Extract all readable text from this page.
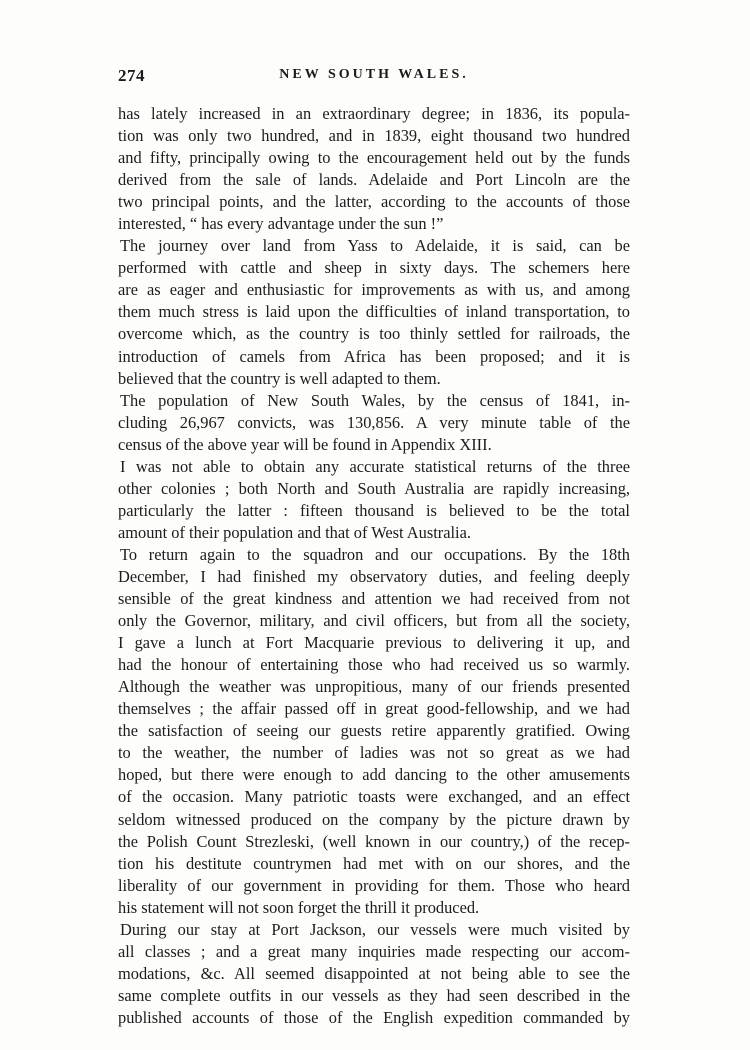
274	NEW SOUTH WALES.

has lately increased in an extraordinary degree; in 1836, its popula-

tion was only two hundred, and in 1839, eight thousand two hundred

and fifty, principally owing to the encouragement held out by the funds

derived from the sale of lands. Adelaide and Port Lincoln are the

two principal points, and the latter, according to the accounts of those

interested, “ has every advantage under the sun !”

The journey over land from Yass to Adelaide, it is said, can be

performed with cattle and sheep in sixty days. The schemers here

are as eager and enthusiastic for improvements as with us, and among

them much stress is laid upon the difficulties of inland transportation, to

overcome which, as the country is too thinly settled for railroads, the

introduction of camels from Africa has been proposed; and it is

believed that the country is well adapted to them.

The population of New South Wales, by the census of 1841, in-

cluding 26,967 convicts, was 130,856. A very minute table of the

census of the above year will be found in Appendix XIII.

I was not able to obtain any accurate statistical returns of the three

other colonies ; both North and South Australia are rapidly increasing,

particularly the latter : fifteen thousand is believed to be the total

amount of their population and that of West Australia.

To return again to the squadron and our occupations. By the 18th

December, I had finished my observatory duties, and feeling deeply

sensible of the great kindness and attention we had received from not

only the Governor, military, and civil officers, but from all the society,

I gave a lunch at Fort Macquarie previous to delivering it up, and

had the honour of entertaining those who had received us so warmly.

Although the weather was unpropitious, many of our friends presented

themselves ; the affair passed off in great good-fellowship, and we had

the satisfaction of seeing our guests retire apparently gratified. Owing

to the weather, the number of ladies was not so great as we had

hoped, but there were enough to add dancing to the other amusements

of the occasion. Many patriotic toasts were exchanged, and an effect

seldom witnessed produced on the company by the picture drawn by

the Polish Count Strezleski, (well known in our country,) of the recep-

tion his destitute countrymen had met with on our shores, and the

liberality of our government in providing for them. Those who heard

his statement will not soon forget the thrill it produced.

During our stay at Port Jackson, our vessels were much visited by

all classes ; and a great many inquiries made respecting our accom-

modations, &c. All seemed disappointed at not being able to see the

same complete outfits in our vessels as they had seen described in the

published accounts of those of the English expedition commanded by
